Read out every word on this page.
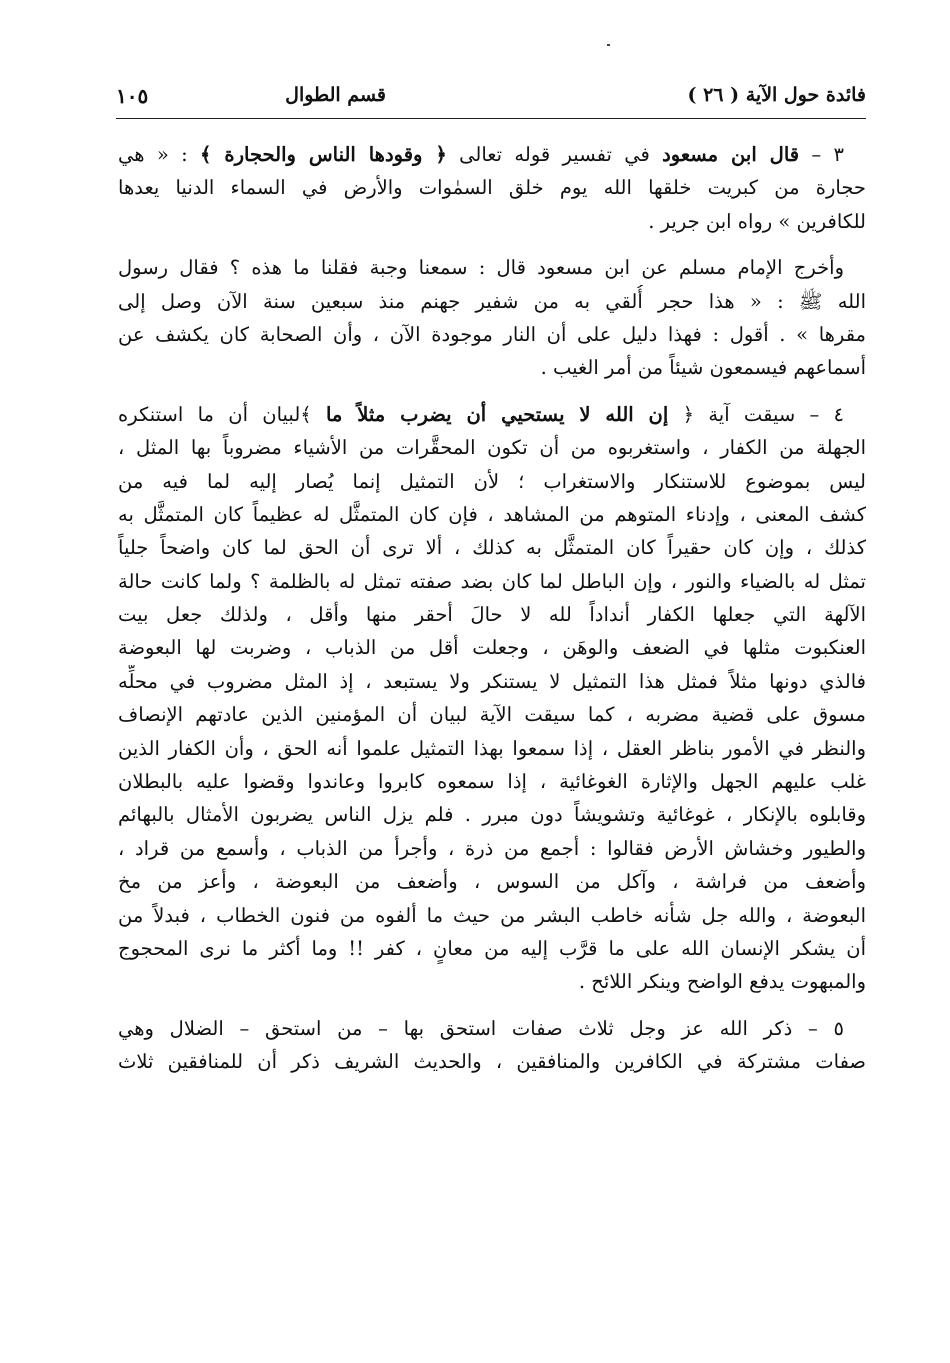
فائدة حول الآية ( ٢٦ )
قسم الطوال
١٠٥
٣ – قال ابن مسعود في تفسير قوله تعالى ﴿ وقودها الناس والحجارة ﴾ : « هي
حجارة من كبريت خلقها الله يوم خلق السمٰوات والأرض في السماء الدنيا يعدها
للكافرين » رواه ابن جرير .
وأخرج الإمام مسلم عن ابن مسعود قال : سمعنا وجبة فقلنا ما هذه ؟ فقال رسول
الله ﷺ : « هذا حجر أُلقي به من شفير جهنم منذ سبعين سنة الآن وصل إلى
مقرها » . أقول : فهذا دليل على أن النار موجودة الآن ، وأن الصحابة كان يكشف عن
أسماعهم فيسمعون شيئاً من أمر الغيب .
٤ – سيقت آية ﴿ إن الله لا يستحيي أن يضرب مثلاً ما ﴾لبيان أن ما استنكره
الجهلة من الكفار ، واستغربوه من أن تكون المحقَّرات من الأشياء مضروباً بها المثل ،
ليس بموضوع للاستنكار والاستغراب ؛ لأن التمثيل إنما يُصار إليه لما فيه من
كشف المعنى ، وإدناء المتوهم من المشاهد ، فإن كان المتمثَّل له عظيماً كان المتمثَّل به
كذلك ، وإن كان حقيراً كان المتمثَّل به كذلك ، ألا ترى أن الحق لما كان واضحاً جلياً
تمثل له بالضياء والنور ، وإن الباطل لما كان بضد صفته تمثل له بالظلمة ؟ ولما كانت حالة
الآلهة التي جعلها الكفار أنداداً لله لا حالَ أحقر منها وأقل ، ولذلك جعل بيت
العنكبوت مثلها في الضعف والوهَن ، وجعلت أقل من الذباب ، وضربت لها البعوضة
فالذي دونها مثلاً فمثل هذا التمثيل لا يستنكر ولا يستبعد ، إذ المثل مضروب في محلِّه
مسوق على قضية مضربه ، كما سيقت الآية لبيان أن المؤمنين الذين عادتهم الإنصاف
والنظر في الأمور بناظر العقل ، إذا سمعوا بهذا التمثيل علموا أنه الحق ، وأن الكفار الذين
غلب عليهم الجهل والإثارة الغوغائية ، إذا سمعوه كابروا وعاندوا وقضوا عليه بالبطلان
وقابلوه بالإنكار ، غوغائية وتشويشاً دون مبرر . فلم يزل الناس يضربون الأمثال بالبهائم
والطيور وخشاش الأرض فقالوا : أجمع من ذرة ، وأجرأ من الذباب ، وأسمع من قراد ،
وأضعف من فراشة ، وآكل من السوس ، وأضعف من البعوضة ، وأعز من مخ
البعوضة ، والله جل شأنه خاطب البشر من حيث ما ألفوه من فنون الخطاب ، فبدلاً من
أن يشكر الإنسان الله على ما قرَّب إليه من معانٍ ، كفر !! وما أكثر ما نرى المحجوج
والمبهوت يدفع الواضح وينكر اللائح .
٥ – ذكر الله عز وجل ثلاث صفات استحق بها – من استحق – الضلال وهي
صفات مشتركة في الكافرين والمنافقين ، والحديث الشريف ذكر أن للمنافقين ثلاث
